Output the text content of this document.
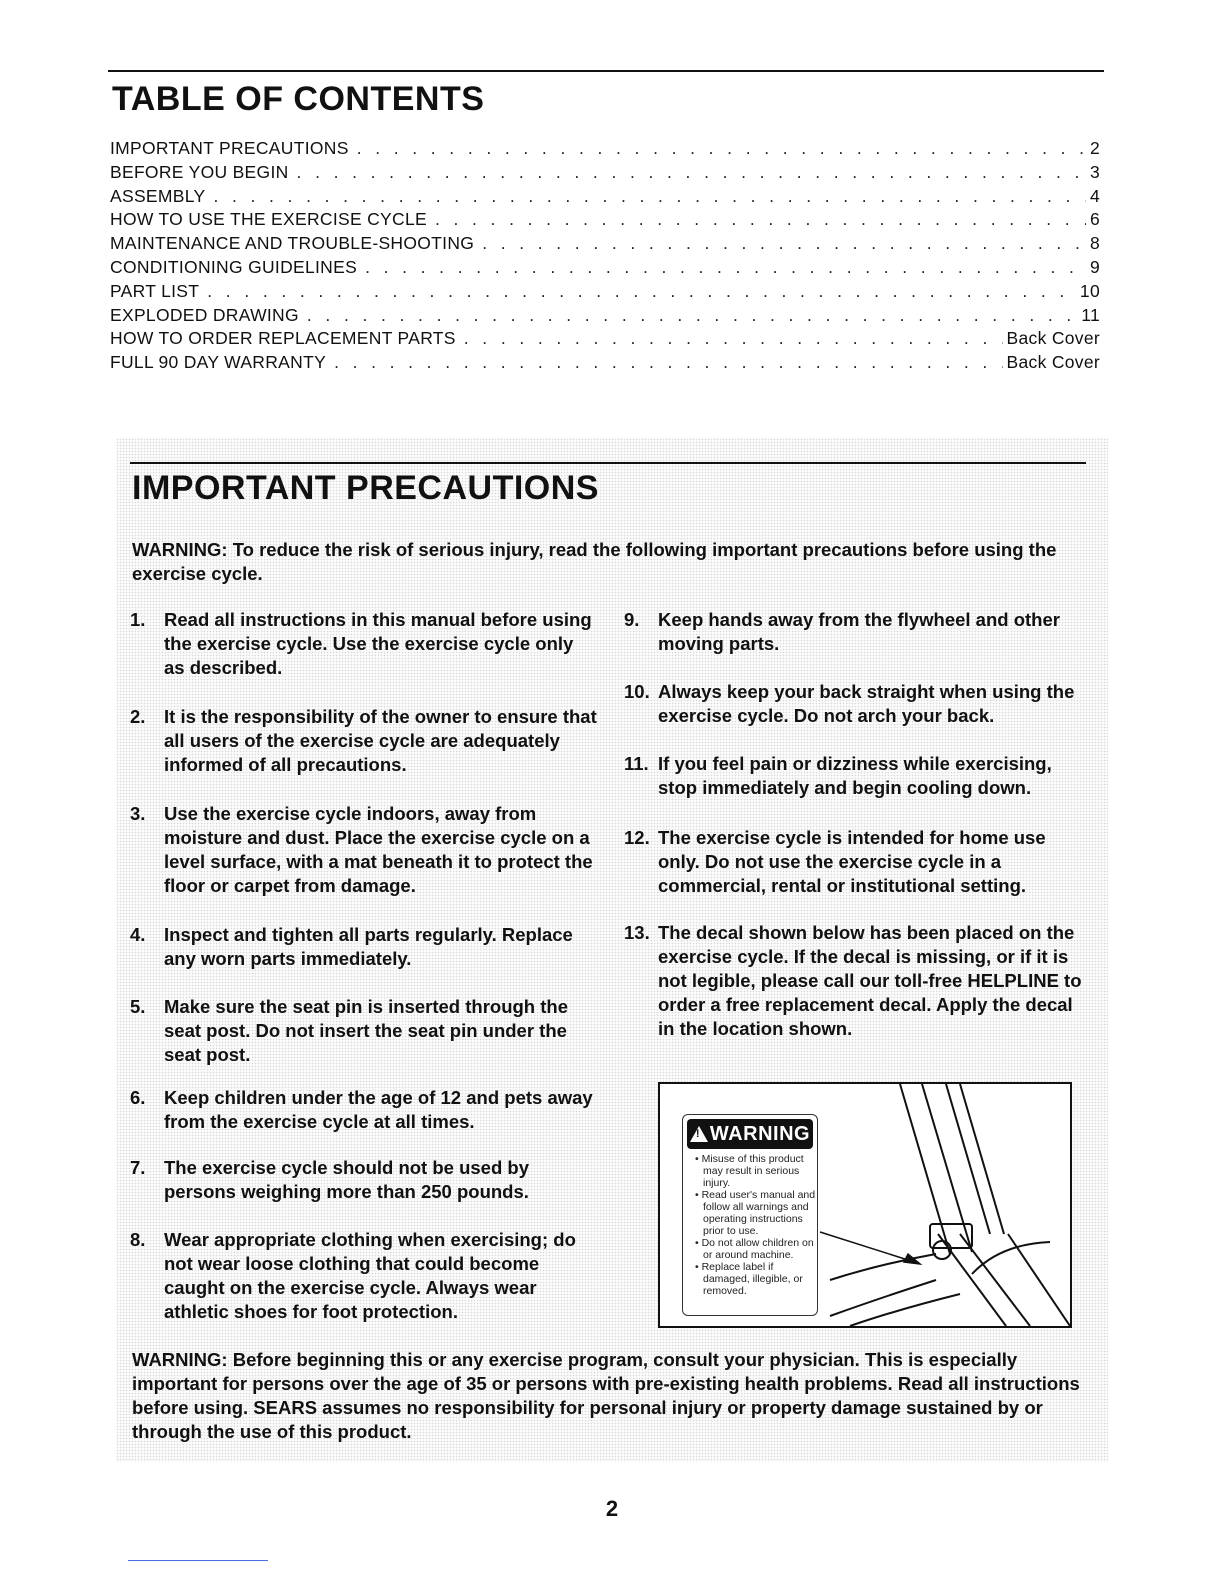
TABLE OF CONTENTS
IMPORTANT PRECAUTIONS . . .	2
BEFORE YOU BEGIN . . .	3
ASSEMBLY . . .	4
HOW TO USE THE EXERCISE CYCLE . . .	6
MAINTENANCE AND TROUBLE-SHOOTING . . .	8
CONDITIONING GUIDELINES . . .	9
PART LIST . . .	10
EXPLODED DRAWING . . .	11
HOW TO ORDER REPLACEMENT PARTS . . .	Back Cover
FULL 90 DAY WARRANTY . . .	Back Cover
IMPORTANT PRECAUTIONS

WARNING: To reduce the risk of serious injury, read the following important precautions before using the exercise cycle.

1.	Read all instructions in this manual before using the exercise cycle. Use the exercise cycle only as described.
2.	It is the responsibility of the owner to ensure that all users of the exercise cycle are adequately informed of all precautions.
3.	Use the exercise cycle indoors, away from moisture and dust. Place the exercise cycle on a level surface, with a mat beneath it to protect the floor or carpet from damage.
4.	Inspect and tighten all parts regularly. Replace any worn parts immediately.
5.	Make sure the seat pin is inserted through the seat post. Do not insert the seat pin under the seat post.
6.	Keep children under the age of 12 and pets away from the exercise cycle at all times.
7.	The exercise cycle should not be used by persons weighing more than 250 pounds.
8.	Wear appropriate clothing when exercising; do not wear loose clothing that could become caught on the exercise cycle. Always wear athletic shoes for foot protection.
9.	Keep hands away from the flywheel and other moving parts.
10. Always keep your back straight when using the exercise cycle. Do not arch your back.
11. If you feel pain or dizziness while exercising, stop immediately and begin cooling down.
12. The exercise cycle is intended for home use only. Do not use the exercise cycle in a commercial, rental or institutional setting.
13. The decal shown below has been placed on the exercise cycle. If the decal is missing, or if it is not legible, please call our toll-free HELPLINE to order a free replacement decal. Apply the decal in the location shown.
!
WARNING
• Misuse of this product may result in serious injury.
• Read user's manual and follow all warnings and operating instructions prior to use.
• Do not allow children on or around machine.
• Replace label if damaged, illegible, or removed.

WARNING: Before beginning this or any exercise program, consult your physician. This is especially important for persons over the age of 35 or persons with pre-existing health problems. Read all instructions before using. SEARS assumes no responsibility for personal injury or property damage sustained by or through the use of this product.

2
